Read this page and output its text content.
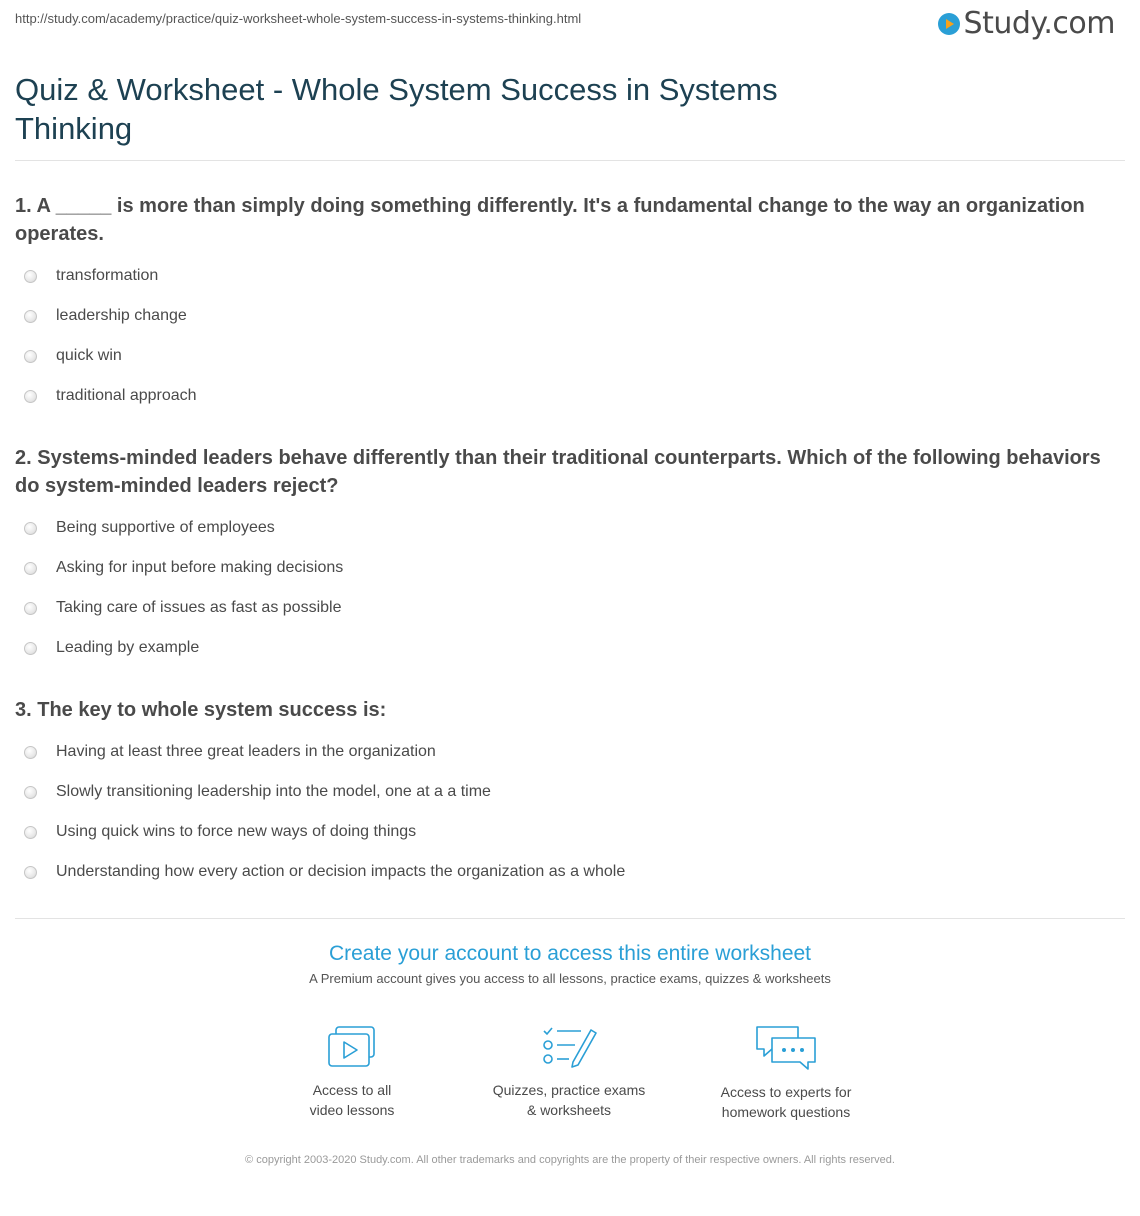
http://study.com/academy/practice/quiz-worksheet-whole-system-success-in-systems-thinking.html	Study.com
Quiz & Worksheet - Whole System Success in Systems Thinking

1. A _____ is more than simply doing something differently. It's a fundamental change to the way an organization operates.

transformation
leadership change
quick win
traditional approach

2. Systems-minded leaders behave differently than their traditional counterparts. Which of the following behaviors do system-minded leaders reject?

Being supportive of employees
Asking for input before making decisions
Taking care of issues as fast as possible
Leading by example

3. The key to whole system success is:

Having at least three great leaders in the organization
Slowly transitioning leadership into the model, one at a a time
Using quick wins to force new ways of doing things
Understanding how every action or decision impacts the organization as a whole

Create your account to access this entire worksheet

A Premium account gives you access to all lessons, practice exams, quizzes & worksheets
Access to all
video lessons
Quizzes, practice exams
& worksheets
Access to experts for
homework questions
© copyright 2003-2020 Study.com. All other trademarks and copyrights are the property of their respective owners. All rights reserved.
